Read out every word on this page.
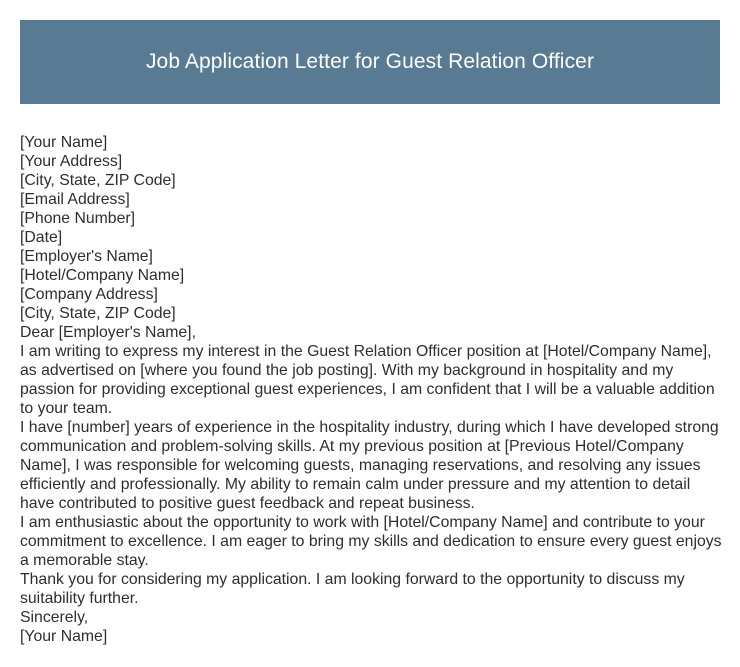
Job Application Letter for Guest Relation Officer

[Your Name]

[Your Address]

[City, State, ZIP Code]

[Email Address]

[Phone Number]

[Date]

[Employer's Name]

[Hotel/Company Name]

[Company Address]

[City, State, ZIP Code]

Dear [Employer's Name],

I am writing to express my interest in the Guest Relation Officer position at [Hotel/Company Name], as advertised on [where you found the job posting]. With my background in hospitality and my passion for providing exceptional guest experiences, I am confident that I will be a valuable addition to your team.

I have [number] years of experience in the hospitality industry, during which I have developed strong communication and problem-solving skills. At my previous position at [Previous Hotel/Company Name], I was responsible for welcoming guests, managing reservations, and resolving any issues efficiently and professionally. My ability to remain calm under pressure and my attention to detail have contributed to positive guest feedback and repeat business.

I am enthusiastic about the opportunity to work with [Hotel/Company Name] and contribute to your commitment to excellence. I am eager to bring my skills and dedication to ensure every guest enjoys a memorable stay.

Thank you for considering my application. I am looking forward to the opportunity to discuss my suitability further.

Sincerely,

[Your Name]
